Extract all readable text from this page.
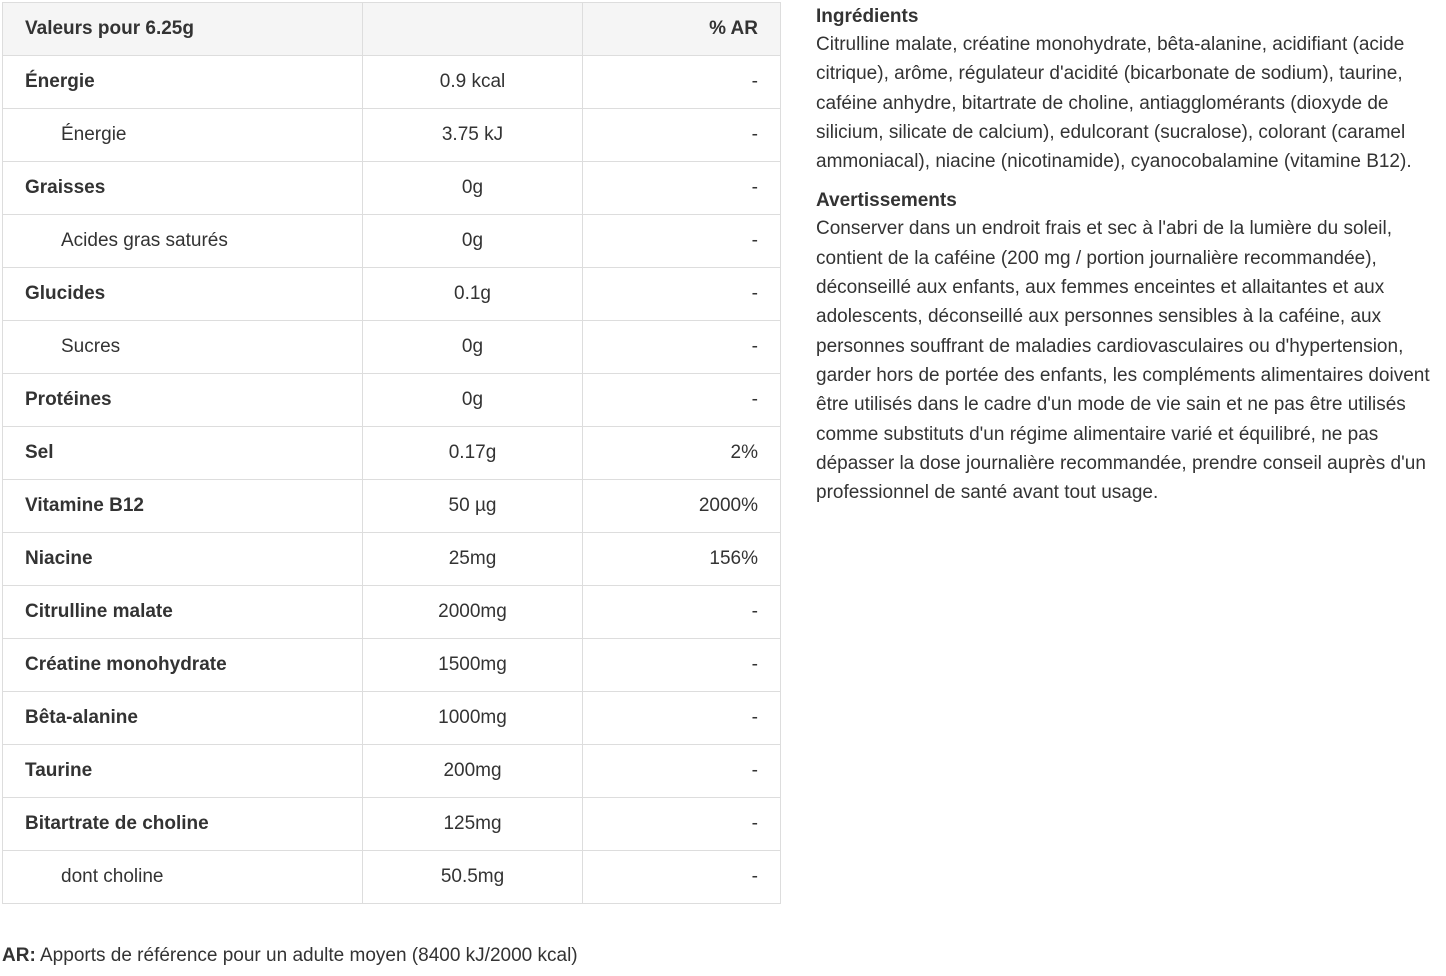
Valeurs pour 6.25g		% AR
Énergie	0.9 kcal	-
Énergie	3.75 kJ	-
Graisses	0g	-
Acides gras saturés	0g	-
Glucides	0.1g	-
Sucres	0g	-
Protéines	0g	-
Sel	0.17g	2%
Vitamine B12	50 µg	2000%
Niacine	25mg	156%
Citrulline malate	2000mg	-
Créatine monohydrate	1500mg	-
Bêta-alanine	1000mg	-
Taurine	200mg	-
Bitartrate de choline	125mg	-
dont choline	50.5mg	-
AR: Apports de référence pour un adulte moyen (8400 kJ/2000 kcal)
Ingrédients

Citrulline malate, créatine monohydrate, bêta-alanine, acidifiant (acide citrique), arôme, régulateur d'acidité (bicarbonate de sodium), taurine, caféine anhydre, bitartrate de choline, antiagglomérants (dioxyde de silicium, silicate de calcium), edulcorant (sucralose), colorant (caramel ammoniacal), niacine (nicotinamide), cyanocobalamine (vitamine B12).

Avertissements

Conserver dans un endroit frais et sec à l'abri de la lumière du soleil, contient de la caféine (200 mg / portion journalière recommandée), déconseillé aux enfants, aux femmes enceintes et allaitantes et aux adolescents, déconseillé aux personnes sensibles à la caféine, aux personnes souffrant de maladies cardiovasculaires ou d'hypertension, garder hors de portée des enfants, les compléments alimentaires doivent être utilisés dans le cadre d'un mode de vie sain et ne pas être utilisés comme substituts d'un régime alimentaire varié et équilibré, ne pas dépasser la dose journalière recommandée, prendre conseil auprès d'un professionnel de santé avant tout usage.
